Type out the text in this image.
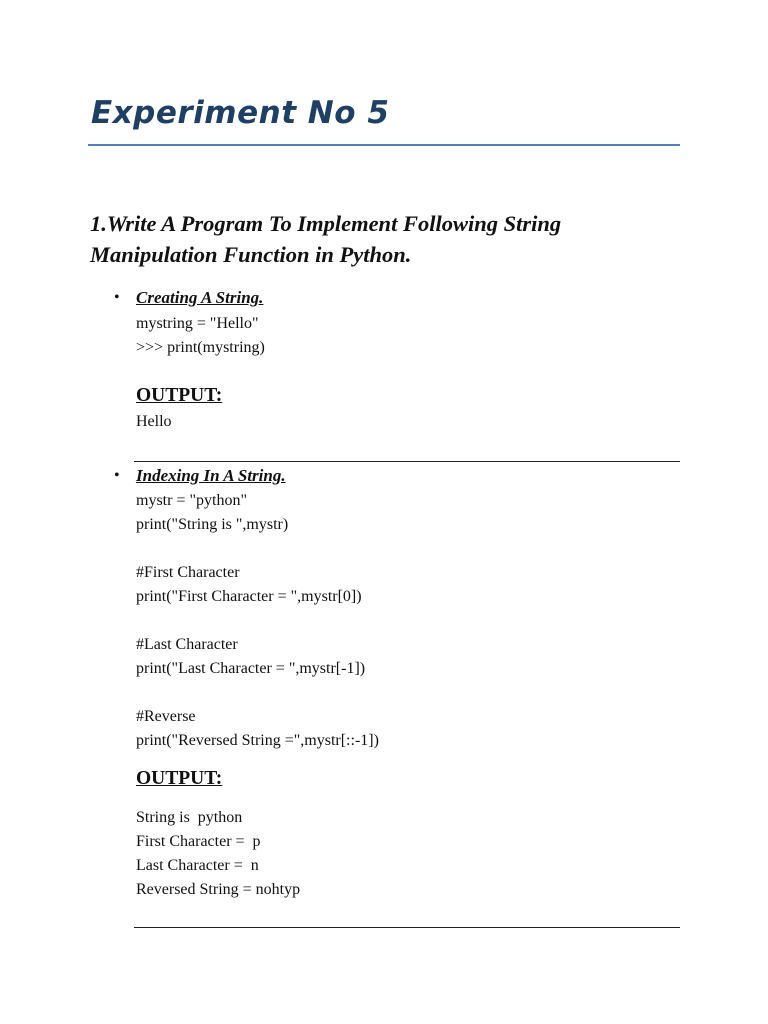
Experiment No 5
1.Write A Program To Implement Following String
Manipulation Function in Python.
• Creating A String.
mystring = "Hello"
>>> print(mystring)
OUTPUT:
Hello
• Indexing In A String.
mystr = "python"
print("String is ",mystr)
#First Character
print("First Character = ",mystr[0])
#Last Character
print("Last Character = ",mystr[-1])
#Reverse
print("Reversed String =",mystr[::-1])
OUTPUT:
String is  python
First Character =  p
Last Character =  n
Reversed String = nohtyp
